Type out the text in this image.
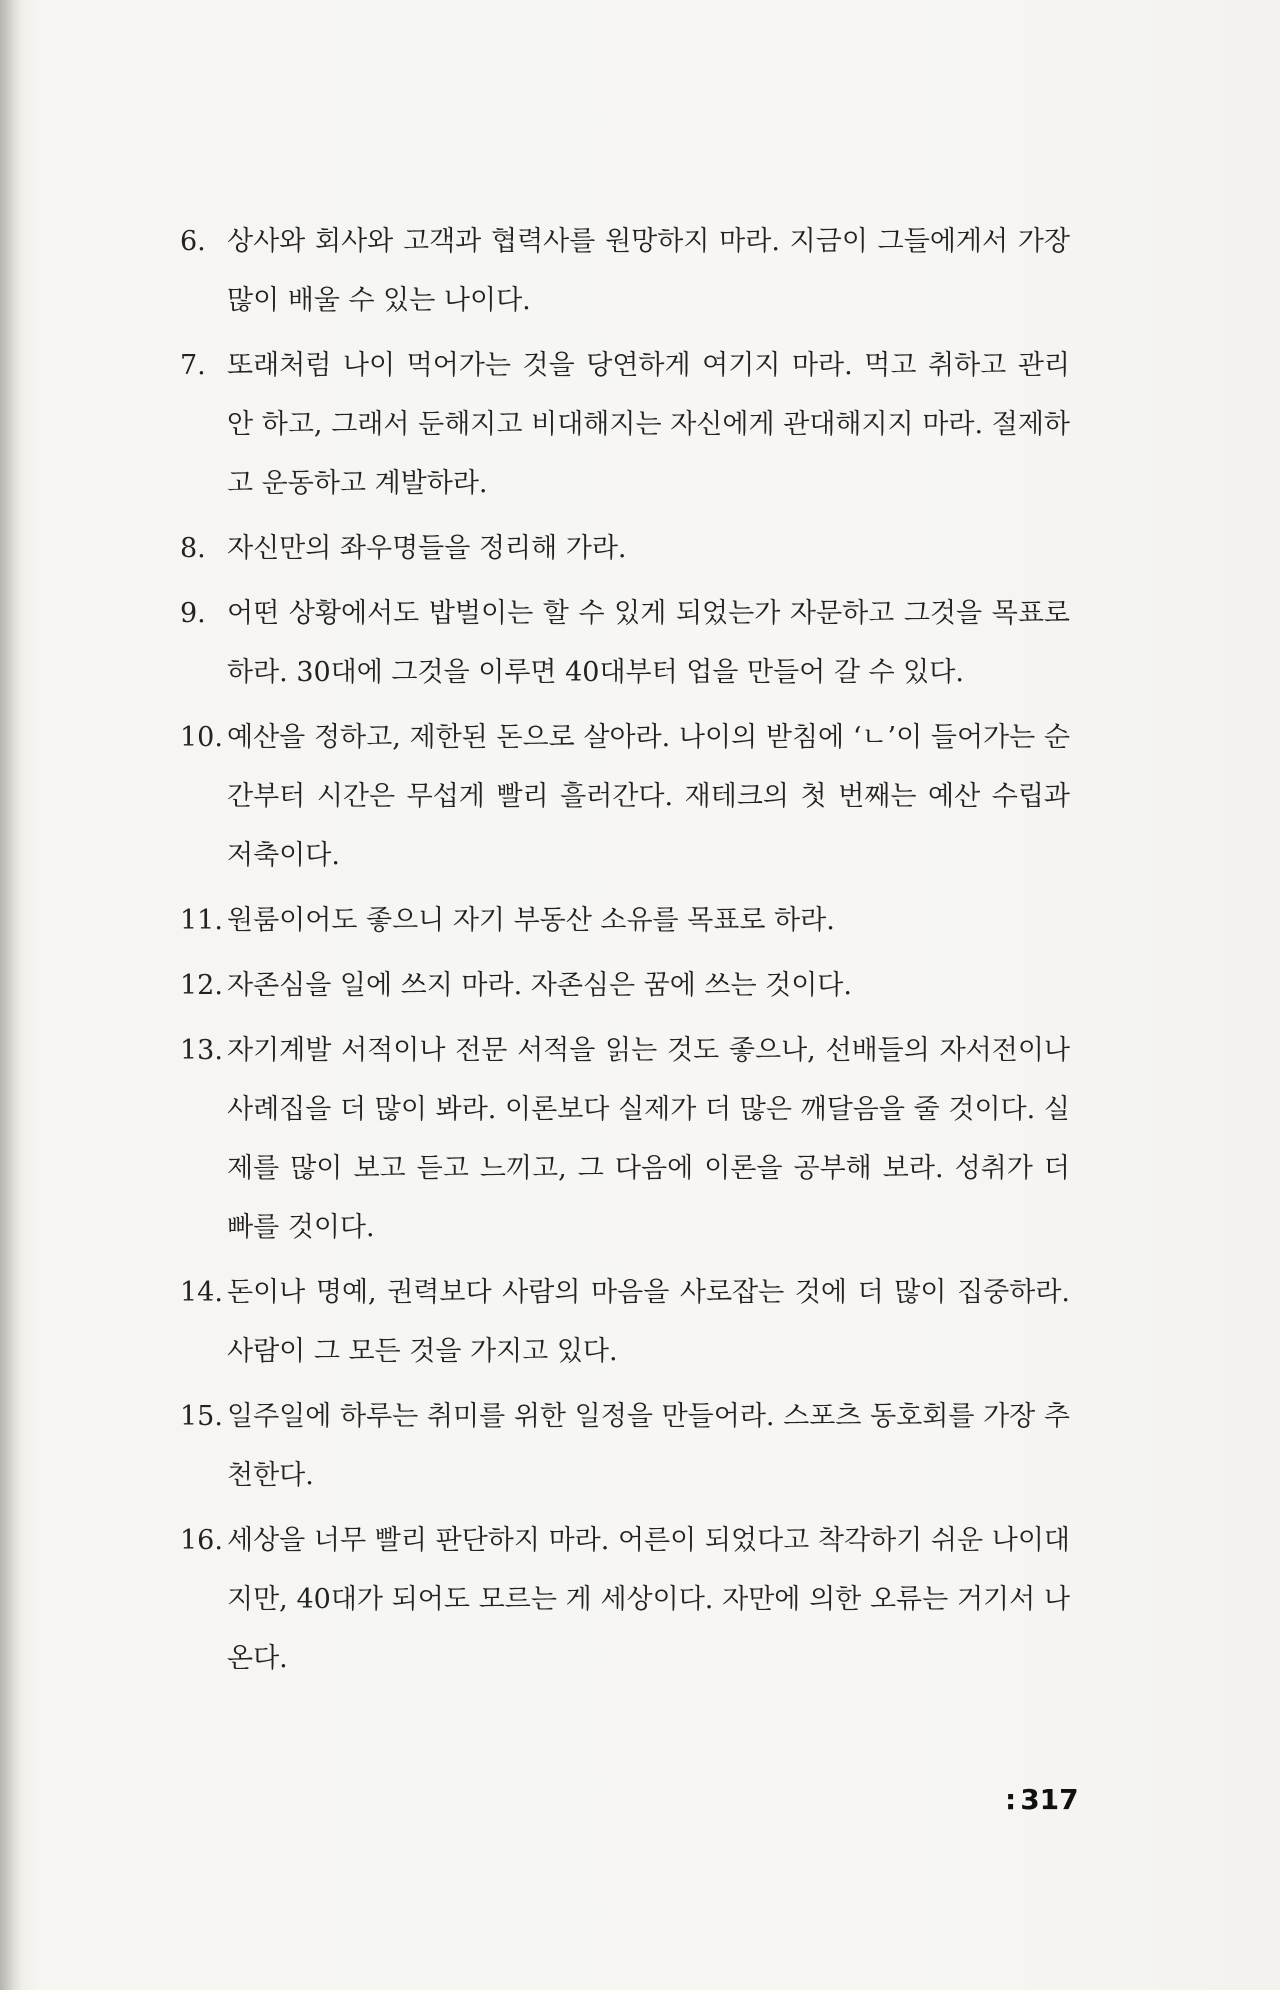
6. 상사와 회사와 고객과 협력사를 원망하지 마라. 지금이 그들에게서 가장 많이 배울 수 있는 나이다.
7. 또래처럼 나이 먹어가는 것을 당연하게 여기지 마라. 먹고 취하고 관리 안 하고, 그래서 둔해지고 비대해지는 자신에게 관대해지지 마라. 절제하고 운동하고 계발하라.
8. 자신만의 좌우명들을 정리해 가라.
9. 어떤 상황에서도 밥벌이는 할 수 있게 되었는가 자문하고 그것을 목표로 하라. 30대에 그것을 이루면 40대부터 업을 만들어 갈 수 있다.
10. 예산을 정하고, 제한된 돈으로 살아라. 나이의 받침에 ‘ㄴ’이 들어가는 순간부터 시간은 무섭게 빨리 흘러간다. 재테크의 첫 번째는 예산 수립과 저축이다.
11. 원룸이어도 좋으니 자기 부동산 소유를 목표로 하라.
12. 자존심을 일에 쓰지 마라. 자존심은 꿈에 쓰는 것이다.
13. 자기계발 서적이나 전문 서적을 읽는 것도 좋으나, 선배들의 자서전이나 사례집을 더 많이 봐라. 이론보다 실제가 더 많은 깨달음을 줄 것이다. 실제를 많이 보고 듣고 느끼고, 그 다음에 이론을 공부해 보라. 성취가 더 빠를 것이다.
14. 돈이나 명예, 권력보다 사람의 마음을 사로잡는 것에 더 많이 집중하라. 사람이 그 모든 것을 가지고 있다.
15. 일주일에 하루는 취미를 위한 일정을 만들어라. 스포츠 동호회를 가장 추천한다.
16. 세상을 너무 빨리 판단하지 마라. 어른이 되었다고 착각하기 쉬운 나이대지만, 40대가 되어도 모르는 게 세상이다. 자만에 의한 오류는 거기서 나온다.
: 317
